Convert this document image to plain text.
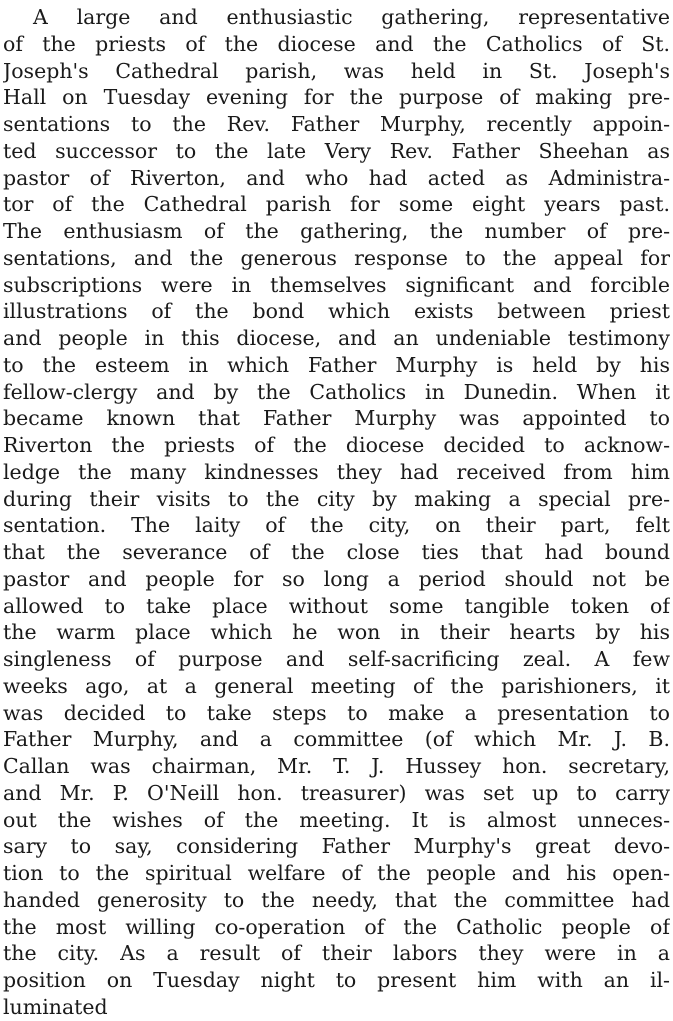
A large and enthusiastic gathering, representative
of the priests of the diocese and the Catholics of St.
Joseph's Cathedral parish, was held in St. Joseph's
Hall on Tuesday evening for the purpose of making pre-
sentations to the Rev. Father Murphy, recently appoin-
ted successor to the late Very Rev. Father Sheehan as
pastor of Riverton, and who had acted as Administra-
tor of the Cathedral parish for some eight years past.
The enthusiasm of the gathering, the number of pre-
sentations, and the generous response to the appeal for
subscriptions were in themselves significant and forcible
illustrations of the bond which exists between priest
and people in this diocese, and an undeniable testimony
to the esteem in which Father Murphy is held by his
fellow-clergy and by the Catholics in Dunedin. When it
became known that Father Murphy was appointed to
Riverton the priests of the diocese decided to acknow-
ledge the many kindnesses they had received from him
during their visits to the city by making a special pre-
sentation. The laity of the city, on their part, felt
that the severance of the close ties that had bound
pastor and people for so long a period should not be
allowed to take place without some tangible token of
the warm place which he won in their hearts by his
singleness of purpose and self-sacrificing zeal. A few
weeks ago, at a general meeting of the parishioners, it
was decided to take steps to make a presentation to
Father Murphy, and a committee (of which Mr. J. B.
Callan was chairman, Mr. T. J. Hussey hon. secretary,
and Mr. P. O'Neill hon. treasurer) was set up to carry
out the wishes of the meeting. It is almost unneces-
sary to say, considering Father Murphy's great devo-
tion to the spiritual welfare of the people and his open-
handed generosity to the needy, that the committee had
the most willing co-operation of the Catholic people of
the city. As a result of their labors they were in a
position on Tuesday night to present him with an il-
luminated
